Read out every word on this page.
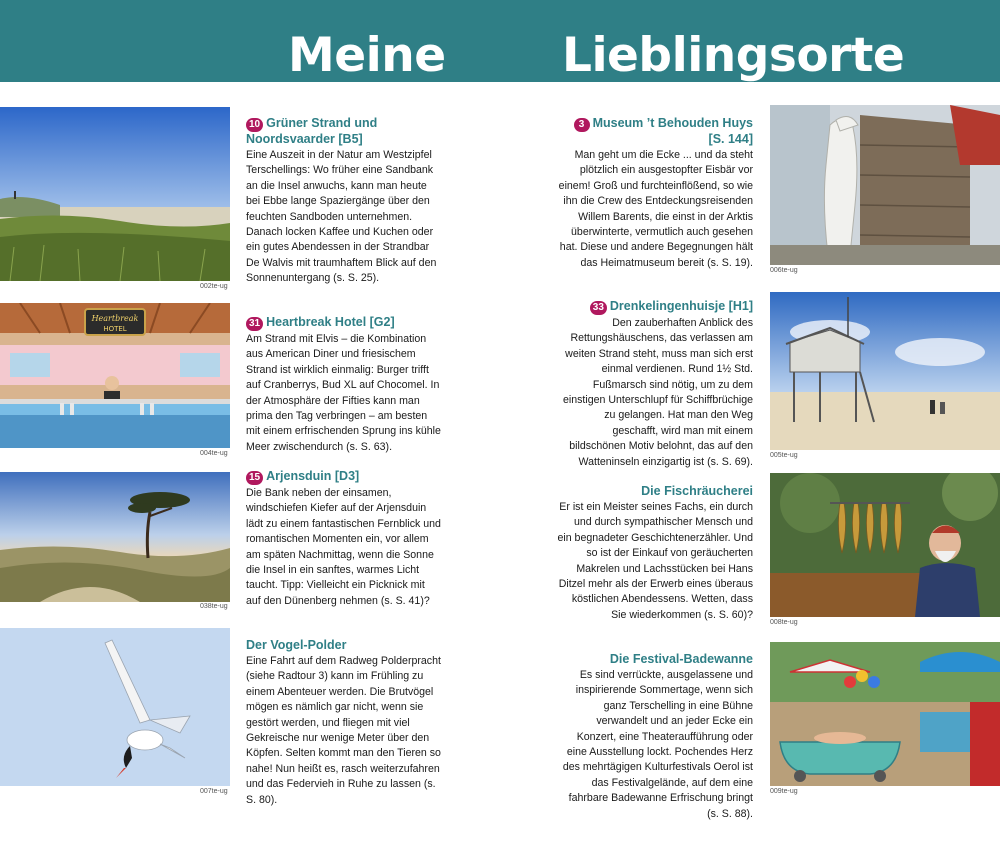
Meine Lieblingsorte
002te-ug
Heartbreak
HOTEL
004te-ug
038te-ug
007te-ug
006te-ug
005te-ug
008te-ug
009te-ug
10 Grüner Strand und Noordsvaarder [B5]
Eine Auszeit in der Natur am Westzipfel Terschellings: Wo früher eine Sandbank an die Insel anwuchs, kann man heute bei Ebbe lange Spaziergänge über den feuchten Sandboden unternehmen. Danach locken Kaffee und Kuchen oder ein gutes Abendessen in der Strandbar De Walvis mit traumhaftem Blick auf den Sonnenuntergang (s. S. 25).
31 Heartbreak Hotel [G2]
Am Strand mit Elvis – die Kombination aus American Diner und friesischem Strand ist wirklich einmalig: Burger trifft auf Cranberrys, Bud XL auf Chocomel. In der Atmosphäre der Fifties kann man prima den Tag verbringen – am besten mit einem erfrischenden Sprung ins kühle Meer zwischendurch (s. S. 63).
15 Arjensduin [D3]
Die Bank neben der einsamen, windschiefen Kiefer auf der Arjensduin lädt zu einem fantastischen Fernblick und romantischen Momenten ein, vor allem am späten Nachmittag, wenn die Sonne die Insel in ein sanftes, warmes Licht taucht. Tipp: Vielleicht ein Picknick mit auf den Dünenberg nehmen (s. S. 41)?
Der Vogel-Polder
Eine Fahrt auf dem Radweg Polderpracht (siehe Radtour 3) kann im Frühling zu einem Abenteuer werden. Die Brutvögel mögen es nämlich gar nicht, wenn sie gestört werden, und fliegen mit viel Gekreische nur wenige Meter über den Köpfen. Selten kommt man den Tieren so nahe! Nun heißt es, rasch weiterzufahren und das Federvieh in Ruhe zu lassen (s. S. 80).
3 Museum ’t Behouden Huys [S. 144]
Man geht um die Ecke ... und da steht plötzlich ein ausgestopfter Eisbär vor einem! Groß und furchteinflößend, so wie ihn die Crew des Entdeckungsreisenden Willem Barents, die einst in der Arktis überwinterte, vermutlich auch gesehen hat. Diese und andere Begegnungen hält das Heimatmuseum bereit (s. S. 19).
33 Drenkelingenhuisje [H1]
Den zauberhaften Anblick des Rettungshäuschens, das verlassen am weiten Strand steht, muss man sich erst einmal verdienen. Rund 1½ Std. Fußmarsch sind nötig, um zu dem einstigen Unterschlupf für Schiffbrüchige zu gelangen. Hat man den Weg geschafft, wird man mit einem bildschönen Motiv belohnt, das auf den Watteninseln einzigartig ist (s. S. 69).
Die Fischräucherei
Er ist ein Meister seines Fachs, ein durch und durch sympathischer Mensch und ein begnadeter Geschichtenerzähler. Und so ist der Einkauf von geräucherten Makrelen und Lachsstücken bei Hans Ditzel mehr als der Erwerb eines überaus köstlichen Abendessens. Wetten, dass Sie wiederkommen (s. S. 60)?
Die Festival-Badewanne
Es sind verrückte, ausgelassene und inspirierende Sommertage, wenn sich ganz Terschelling in eine Bühne verwandelt und an jeder Ecke ein Konzert, eine Theateraufführung oder eine Ausstellung lockt. Pochendes Herz des mehrtägigen Kulturfestivals Oerol ist das Festivalgelände, auf dem eine fahrbare Badewanne Erfrischung bringt (s. S. 88).
